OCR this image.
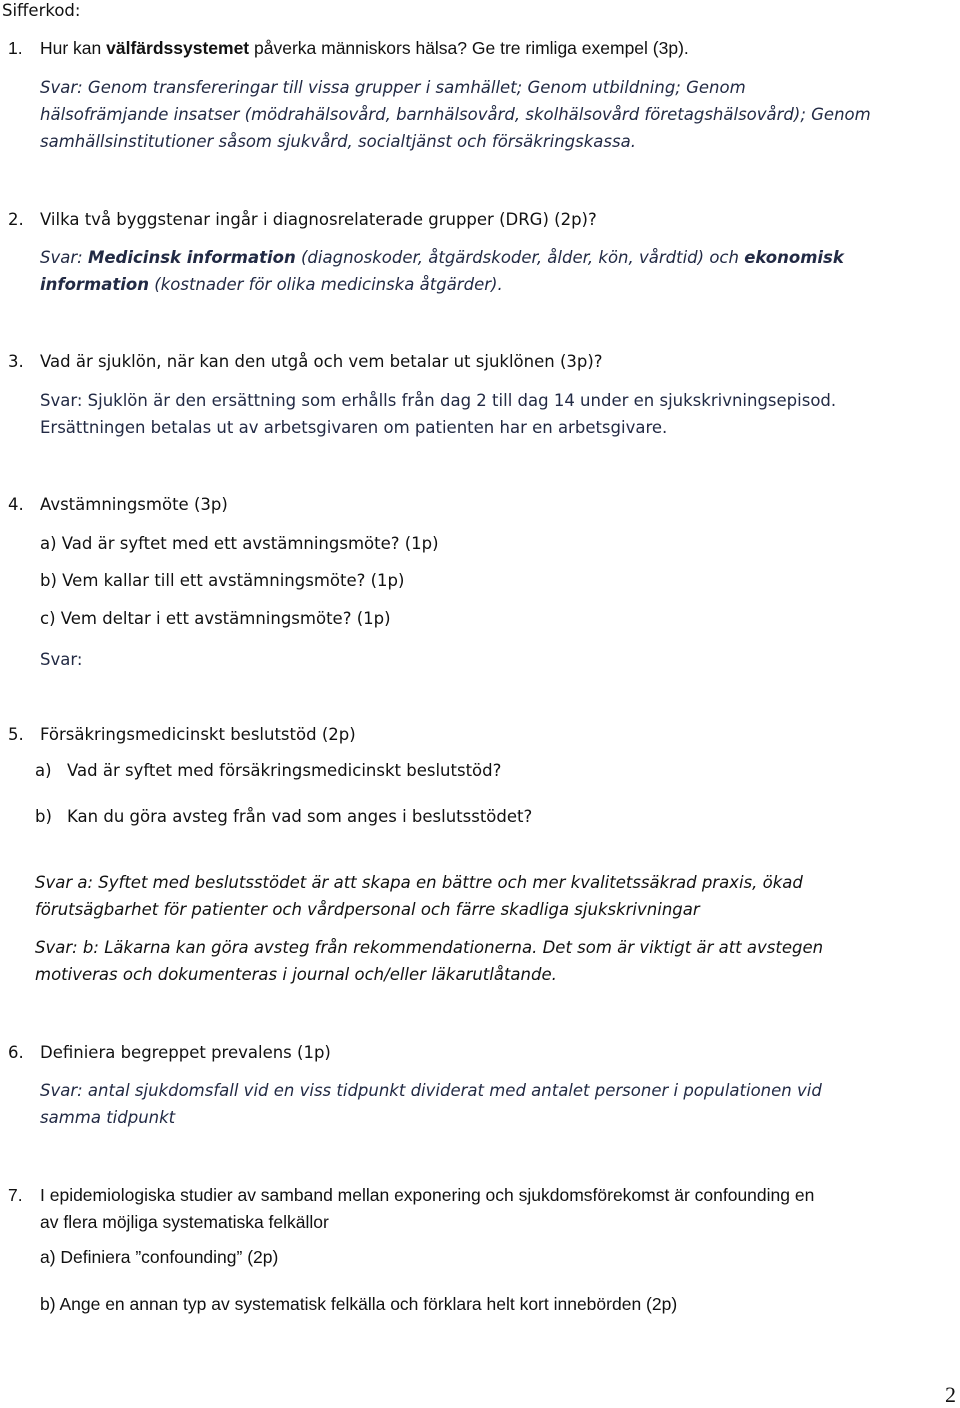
Sifferkod:
1. Hur kan välfärdssystemet påverka människors hälsa? Ge tre rimliga exempel (3p).
Svar: Genom transfereringar till vissa grupper i samhället; Genom utbildning; Genom
hälsofrämjande insatser (mödrahälsovård, barnhälsovård, skolhälsovård företagshälsovård); Genom
samhällsinstitutioner såsom sjukvård, socialtjänst och försäkringskassa.
2. Vilka två byggstenar ingår i diagnosrelaterade grupper (DRG) (2p)?
Svar: Medicinsk information (diagnoskoder, åtgärdskoder, ålder, kön, vårdtid) och ekonomisk
information (kostnader för olika medicinska åtgärder).
3. Vad är sjuklön, när kan den utgå och vem betalar ut sjuklönen (3p)?
Svar: Sjuklön är den ersättning som erhålls från dag 2 till dag 14 under en sjukskrivningsepisod.
Ersättningen betalas ut av arbetsgivaren om patienten har en arbetsgivare.
4. Avstämningsmöte (3p)
a) Vad är syftet med ett avstämningsmöte? (1p)
b) Vem kallar till ett avstämningsmöte? (1p)
c) Vem deltar i ett avstämningsmöte? (1p)
Svar:
5. Försäkringsmedicinskt beslutstöd (2p)
a) Vad är syftet med försäkringsmedicinskt beslutstöd?
b) Kan du göra avsteg från vad som anges i beslutsstödet?
Svar a: Syftet med beslutsstödet är att skapa en bättre och mer kvalitetssäkrad praxis, ökad
förutsägbarhet för patienter och vårdpersonal och färre skadliga sjukskrivningar
Svar: b: Läkarna kan göra avsteg från rekommendationerna. Det som är viktigt är att avstegen
motiveras och dokumenteras i journal och/eller läkarutlåtande.
6. Definiera begreppet prevalens (1p)
Svar: antal sjukdomsfall vid en viss tidpunkt dividerat med antalet personer i populationen vid
samma tidpunkt
7. I epidemiologiska studier av samband mellan exponering och sjukdomsförekomst är confounding en
av flera möjliga systematiska felkällor
a) Definiera ”confounding” (2p)
b) Ange en annan typ av systematisk felkälla och förklara helt kort innebörden (2p)
2
